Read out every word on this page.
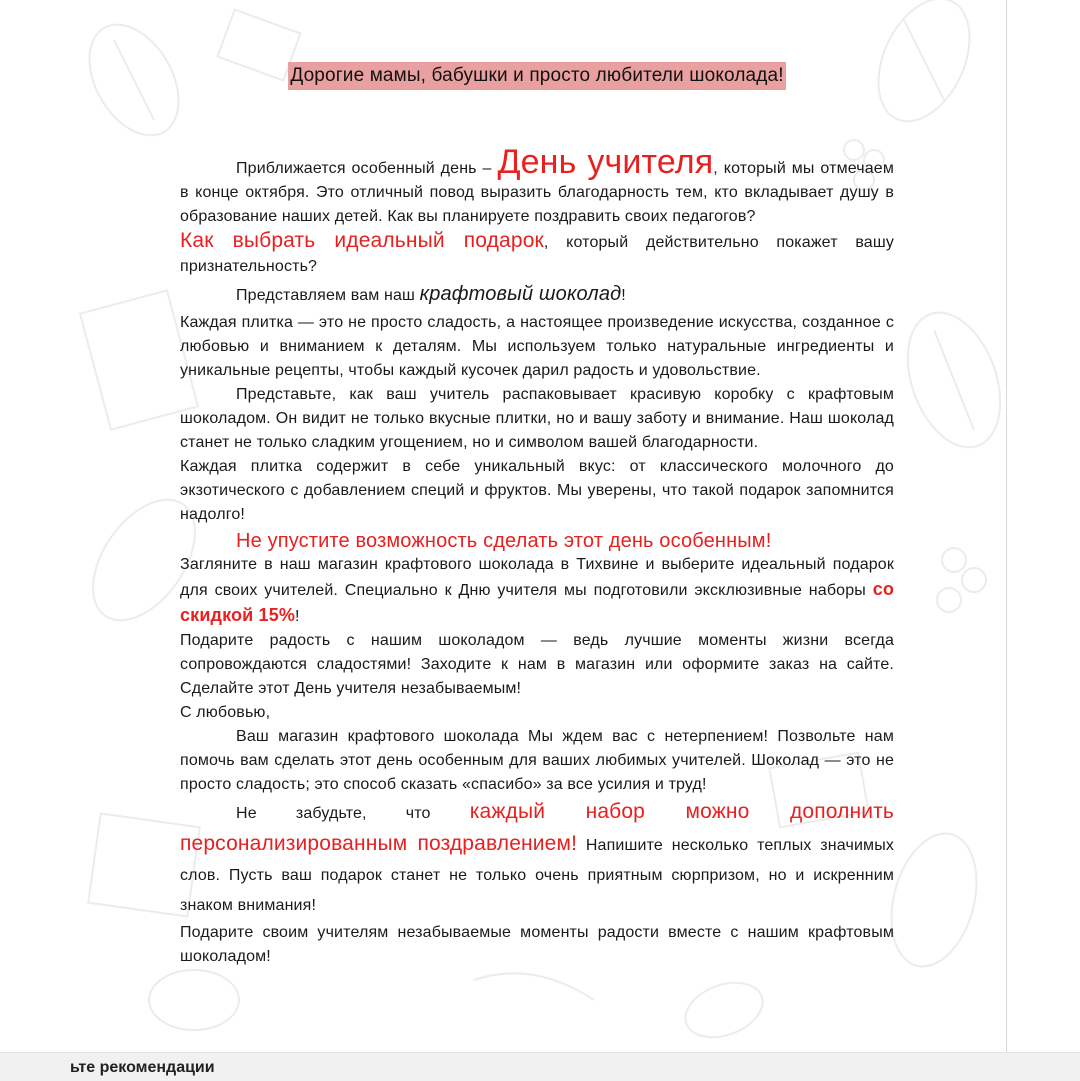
Дорогие мамы, бабушки и просто любители шоколада!

Приближается особенный день – День учителя, который мы отмечаем в конце октября. Это отличный повод выразить благодарность тем, кто вкладывает душу в образование наших детей. Как вы планируете поздравить своих педагогов?

Как выбрать идеальный подарок, который действительно покажет вашу признательность?

Представляем вам наш крафтовый шоколад!

Каждая плитка — это не просто сладость, а настоящее произведение искусства, созданное с любовью и вниманием к деталям. Мы используем только натуральные ингредиенты и уникальные рецепты, чтобы каждый кусочек дарил радость и удовольствие.

Представьте, как ваш учитель распаковывает красивую коробку с крафтовым шоколадом. Он видит не только вкусные плитки, но и вашу заботу и внимание. Наш шоколад станет не только сладким угощением, но и символом вашей благодарности.

Каждая плитка содержит в себе уникальный вкус: от классического молочного до экзотического с добавлением специй и фруктов. Мы уверены, что такой подарок запомнится надолго!

Не упустите возможность сделать этот день особенным!

Загляните в наш магазин крафтового шоколада в Тихвине и выберите идеальный подарок для своих учителей. Специально к Дню учителя мы подготовили эксклюзивные наборы со скидкой 15%!

Подарите радость с нашим шоколадом — ведь лучшие моменты жизни всегда сопровождаются сладостями! Заходите к нам в магазин или оформите заказ на сайте. Сделайте этот День учителя незабываемым!

С любовью,

Ваш магазин крафтового шоколада Мы ждем вас с нетерпением! Позвольте нам помочь вам сделать этот день особенным для ваших любимых учителей. Шоколад — это не просто сладость; это способ сказать «спасибо» за все усилия и труд!

Не забудьте, что каждый набор можно дополнить персонализированным поздравлением! Напишите несколько теплых значимых слов. Пусть ваш подарок станет не только очень приятным сюрпризом, но и искренним знаком внимания!

Подарите своим учителям незабываемые моменты радости вместе с нашим крафтовым шоколадом!

ьте рекомендации
